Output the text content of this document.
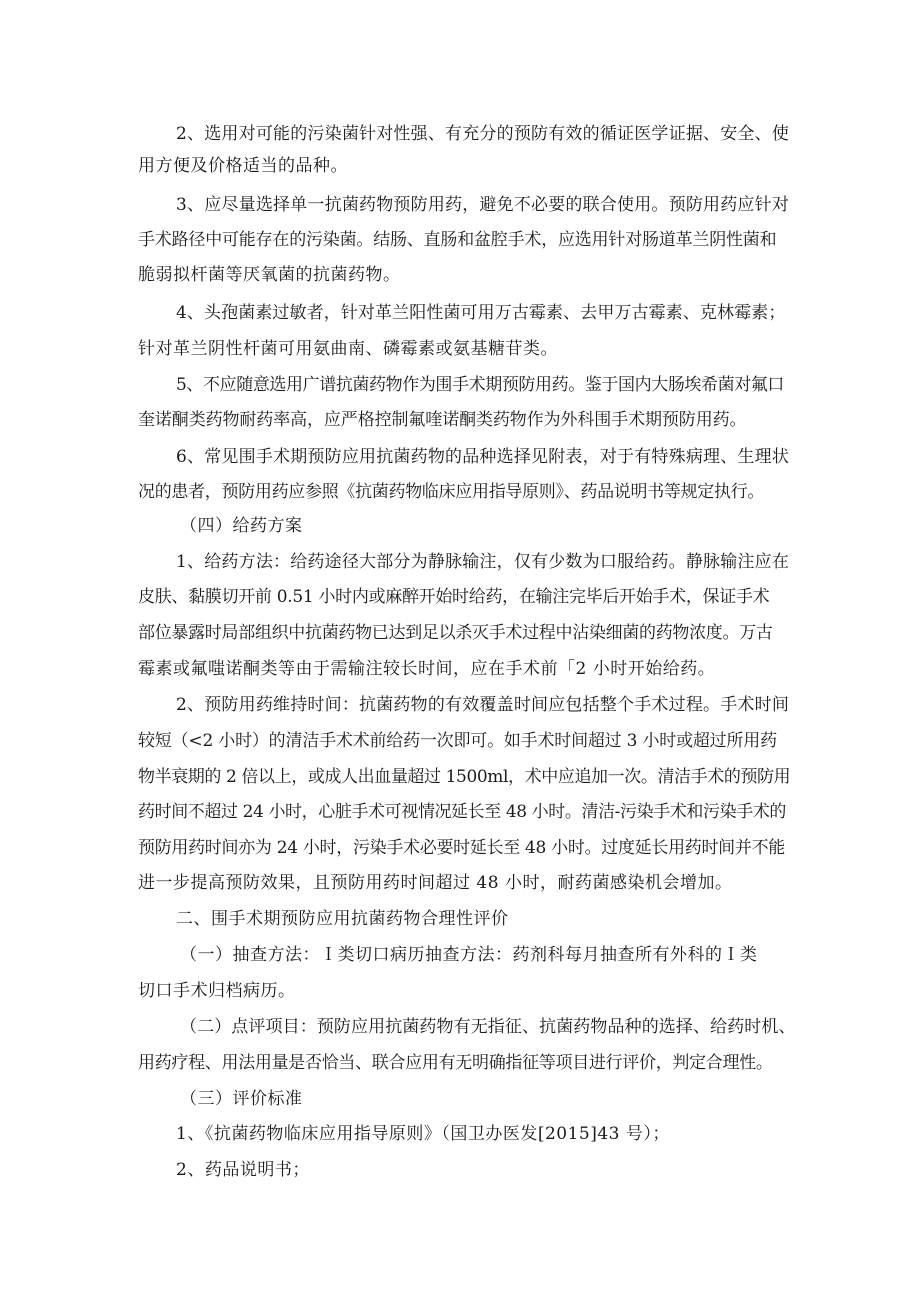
2、选用对可能的污染菌针对性强、有充分的预防有效的循证医学证据、安全、使
用方便及价格适当的品种。
3、应尽量选择单一抗菌药物预防用药，避免不必要的联合使用。预防用药应针对
手术路径中可能存在的污染菌。结肠、直肠和盆腔手术，应选用针对肠道革兰阴性菌和
脆弱拟杆菌等厌氧菌的抗菌药物。
4、头孢菌素过敏者，针对革兰阳性菌可用万古霉素、去甲万古霉素、克林霉素；
针对革兰阴性杆菌可用氨曲南、磷霉素或氨基糖苷类。
5、不应随意选用广谱抗菌药物作为围手术期预防用药。鉴于国内大肠埃希菌对氟口
奎诺酮类药物耐药率高，应严格控制氟喹诺酮类药物作为外科围手术期预防用药。
6、常见围手术期预防应用抗菌药物的品种选择见附表，对于有特殊病理、生理状
况的患者，预防用药应参照《抗菌药物临床应用指导原则》、药品说明书等规定执行。
（四）给药方案
1、给药方法：给药途径大部分为静脉输注，仅有少数为口服给药。静脉输注应在
皮肤、黏膜切开前 0.51 小时内或麻醉开始时给药，在输注完毕后开始手术，保证手术
部位暴露时局部组织中抗菌药物已达到足以杀灭手术过程中沾染细菌的药物浓度。万古
霉素或氟嗤诺酮类等由于需输注较长时间，应在手术前「2 小时开始给药。
2、预防用药维持时间：抗菌药物的有效覆盖时间应包括整个手术过程。手术时间
较短（<2 小时）的清洁手术术前给药一次即可。如手术时间超过 3 小时或超过所用药
物半衰期的 2 倍以上，或成人出血量超过 1500ml，术中应追加一次。清洁手术的预防用
药时间不超过 24 小时，心脏手术可视情况延长至 48 小时。清洁-污染手术和污染手术的
预防用药时间亦为 24 小时，污染手术必要时延长至 48 小时。过度延长用药时间并不能
进一步提高预防效果，且预防用药时间超过 48 小时，耐药菌感染机会增加。
二、围手术期预防应用抗菌药物合理性评价
（一）抽查方法：Ｉ类切口病历抽查方法：药剂科每月抽查所有外科的Ｉ类
切口手术归档病历。
（二）点评项目：预防应用抗菌药物有无指征、抗菌药物品种的选择、给药时机、
用药疗程、用法用量是否恰当、联合应用有无明确指征等项目进行评价，判定合理性。
（三）评价标准
1、《抗菌药物临床应用指导原则》（国卫办医发[2015]43 号）；
2、药品说明书；
